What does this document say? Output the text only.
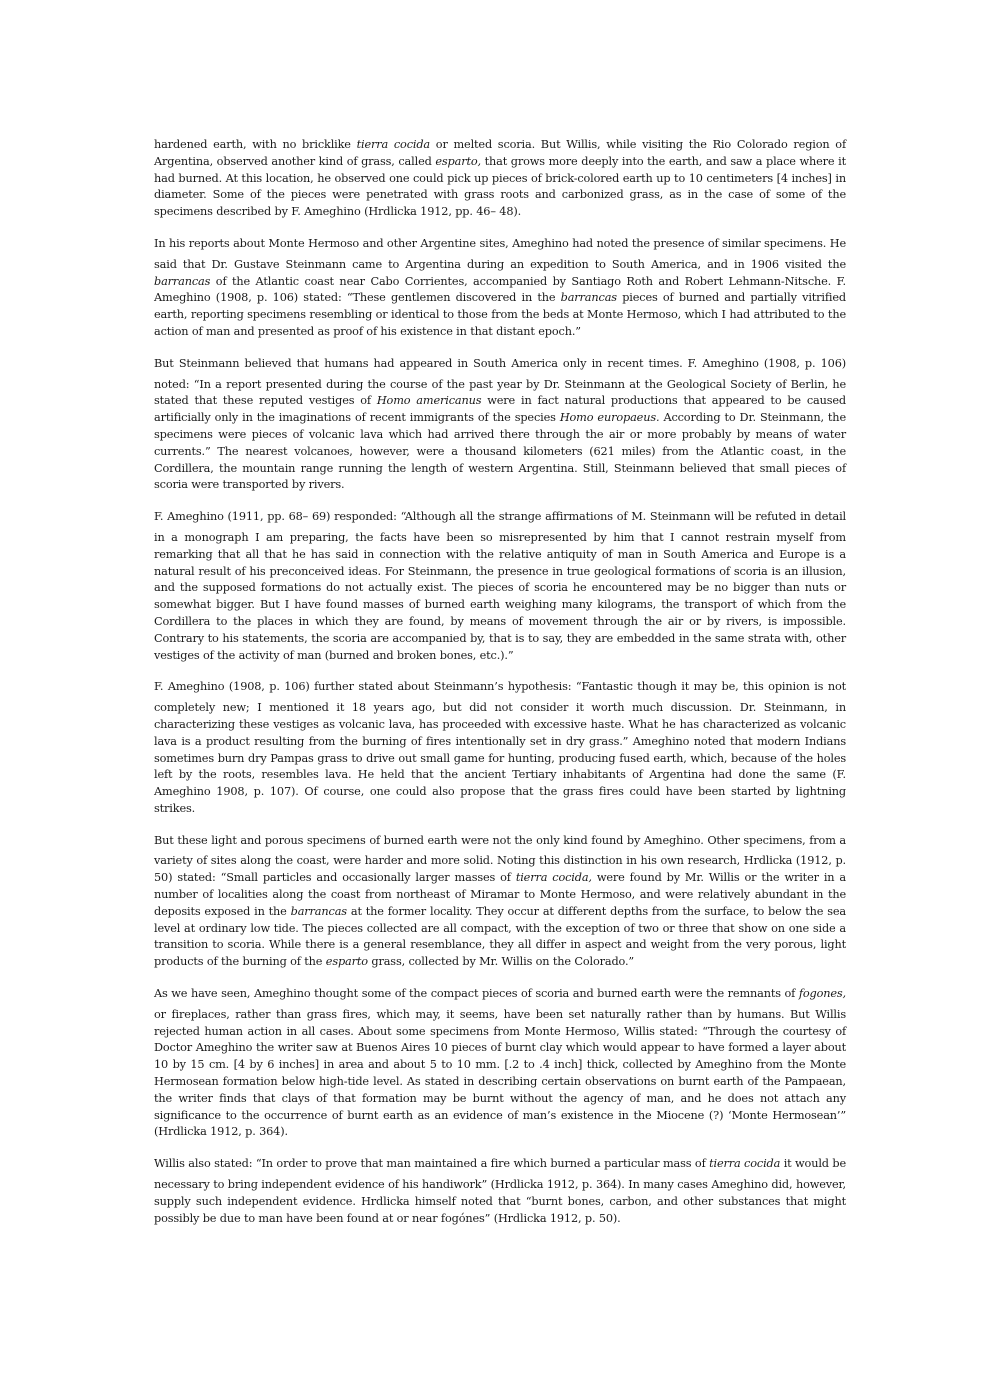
hardened earth, with no bricklike tierra cocida or melted scoria. But Willis, while visiting the Rio Colorado region of Argentina, observed another kind of grass, called esparto, that grows more deeply into the earth, and saw a place where it had burned. At this location, he observed one could pick up pieces of brick-colored earth up to 10 centimeters [4 inches] in diameter. Some of the pieces were penetrated with grass roots and carbonized grass, as in the case of some of the specimens described by F. Ameghino (Hrdlicka 1912, pp. 46– 48).

In his reports about Monte Hermoso and other Argentine sites, Ameghino had noted the presence of similar specimens. He
said that Dr. Gustave Steinmann came to Argentina during an expedition to South America, and in 1906 visited the barrancas of the Atlantic coast near Cabo Corrientes, accompanied by Santiago Roth and Robert Lehmann-Nitsche. F. Ameghino (1908, p. 106) stated: “These gentlemen discovered in the barrancas pieces of burned and partially vitrified earth, reporting specimens resembling or identical to those from the beds at Monte Hermoso, which I had attributed to the action of man and presented as proof of his existence in that distant epoch.”

But Steinmann believed that humans had appeared in South America only in recent times. F. Ameghino (1908, p. 106)
noted: “In a report presented during the course of the past year by Dr. Steinmann at the Geological Society of Berlin, he stated that these reputed vestiges of Homo americanus were in fact natural productions that appeared to be caused artificially only in the imaginations of recent immigrants of the species Homo europaeus. According to Dr. Steinmann, the specimens were pieces of volcanic lava which had arrived there through the air or more probably by means of water currents.” The nearest volcanoes, however, were a thousand kilometers (621 miles) from the Atlantic coast, in the Cordillera, the mountain range running the length of western Argentina. Still, Steinmann believed that small pieces of scoria were transported by rivers.

F. Ameghino (1911, pp. 68– 69) responded: “Although all the strange affirmations of M. Steinmann will be refuted in detail
in a monograph I am preparing, the facts have been so misrepresented by him that I cannot restrain myself from remarking that all that he has said in connection with the relative antiquity of man in South America and Europe is a natural result of his preconceived ideas. For Steinmann, the presence in true geological formations of scoria is an illusion, and the supposed formations do not actually exist. The pieces of scoria he encountered may be no bigger than nuts or somewhat bigger. But I have found masses of burned earth weighing many kilograms, the transport of which from the Cordillera to the places in which they are found, by means of movement through the air or by rivers, is impossible. Contrary to his statements, the scoria are accompanied by, that is to say, they are embedded in the same strata with, other vestiges of the activity of man (burned and broken bones, etc.).”

F. Ameghino (1908, p. 106) further stated about Steinmann’s hypothesis: “Fantastic though it may be, this opinion is not
completely new; I mentioned it 18 years ago, but did not consider it worth much discussion. Dr. Steinmann, in characterizing these vestiges as volcanic lava, has proceeded with excessive haste. What he has characterized as volcanic lava is a product resulting from the burning of fires intentionally set in dry grass.” Ameghino noted that modern Indians sometimes burn dry Pampas grass to drive out small game for hunting, producing fused earth, which, because of the holes left by the roots, resembles lava. He held that the ancient Tertiary inhabitants of Argentina had done the same (F. Ameghino 1908, p. 107). Of course, one could also propose that the grass fires could have been started by lightning strikes.

But these light and porous specimens of burned earth were not the only kind found by Ameghino. Other specimens, from a
variety of sites along the coast, were harder and more solid. Noting this distinction in his own research, Hrdlicka (1912, p. 50) stated: “Small particles and occasionally larger masses of tierra cocida, were found by Mr. Willis or the writer in a number of localities along the coast from northeast of Miramar to Monte Hermoso, and were relatively abundant in the deposits exposed in the barrancas at the former locality. They occur at different depths from the surface, to below the sea level at ordinary low tide. The pieces collected are all compact, with the exception of two or three that show on one side a transition to scoria. While there is a general resemblance, they all differ in aspect and weight from the very porous, light products of the burning of the esparto grass, collected by Mr. Willis on the Colorado.”

As we have seen, Ameghino thought some of the compact pieces of scoria and burned earth were the remnants of fogones,
or fireplaces, rather than grass fires, which may, it seems, have been set naturally rather than by humans. But Willis rejected human action in all cases. About some specimens from Monte Hermoso, Willis stated: “Through the courtesy of Doctor Ameghino the writer saw at Buenos Aires 10 pieces of burnt clay which would appear to have formed a layer about 10 by 15 cm. [4 by 6 inches] in area and about 5 to 10 mm. [.2 to .4 inch] thick, collected by Ameghino from the Monte Hermosean formation below high-tide level. As stated in describing certain observations on burnt earth of the Pampaean, the writer finds that clays of that formation may be burnt without the agency of man, and he does not attach any significance to the occurrence of burnt earth as an evidence of man’s existence in the Miocene (?) ‘Monte Hermosean’” (Hrdlicka 1912, p. 364).

Willis also stated: “In order to prove that man maintained a fire which burned a particular mass of tierra cocida it would be
necessary to bring independent evidence of his handiwork” (Hrdlicka 1912, p. 364). In many cases Ameghino did, however, supply such independent evidence. Hrdlicka himself noted that “burnt bones, carbon, and other substances that might possibly be due to man have been found at or near fogónes” (Hrdlicka 1912, p. 50).
